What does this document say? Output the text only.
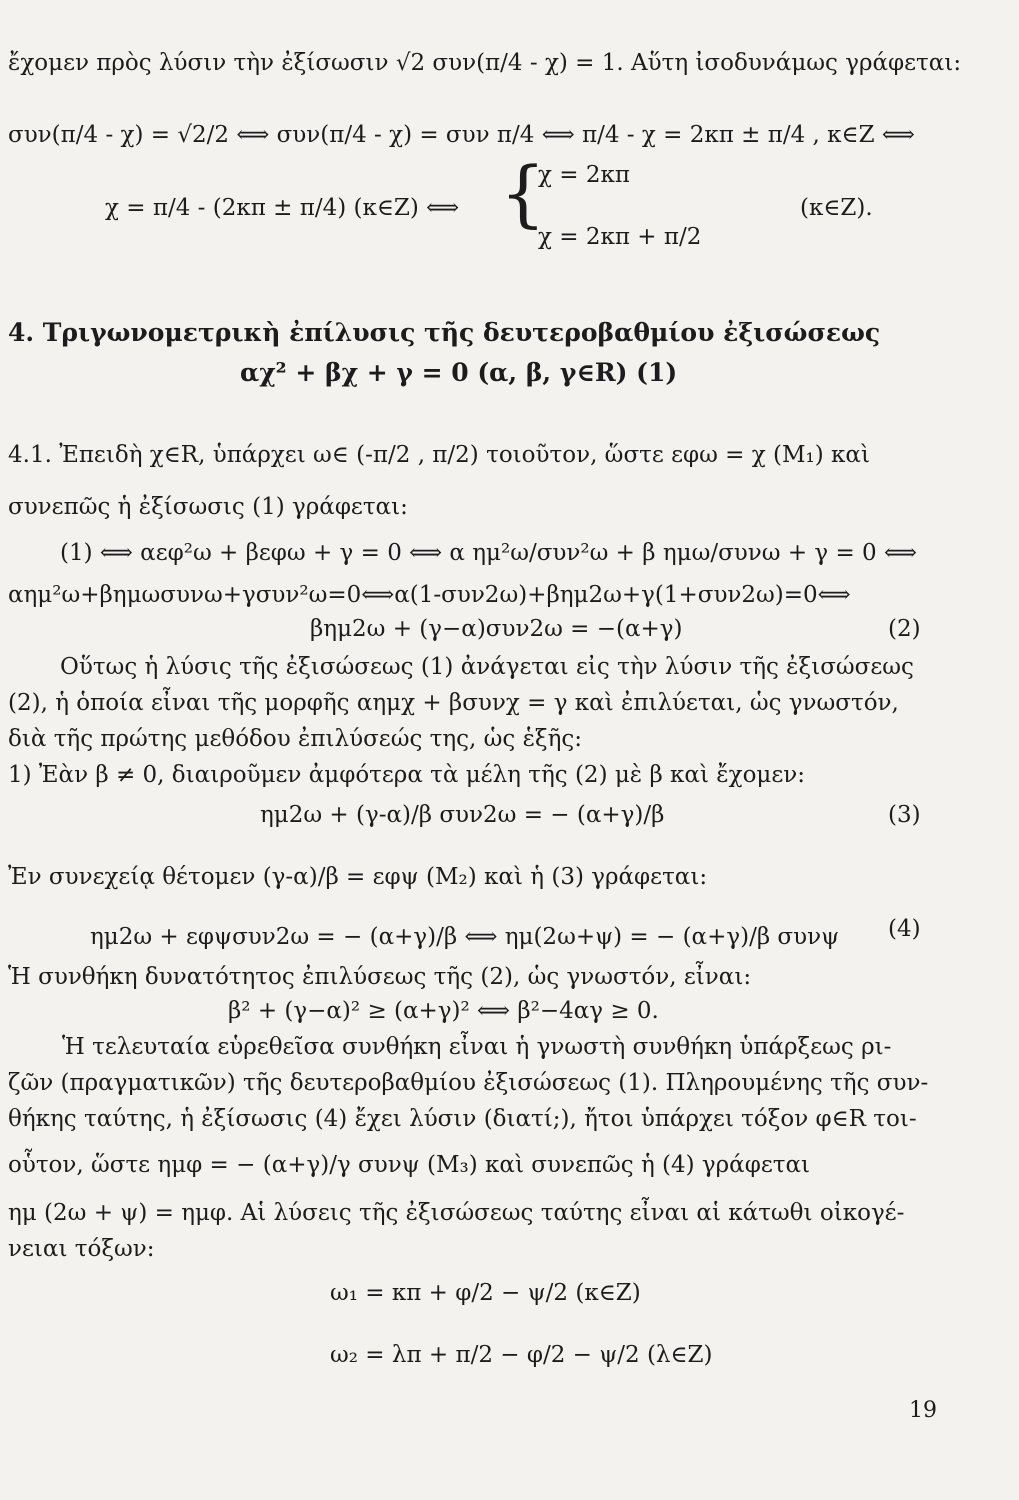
ἔχομεν πρὸς λύσιν τὴν ἐξίσωσιν √2 συν(π/4 - χ) = 1. Αὕτη ἰσοδυνάμως γράφεται:
συν(π/4 - χ) = √2/2 ⟺ συν(π/4 - χ) = συν π/4 ⟺ π/4 - χ = 2κπ ± π/4 , κ∈Z ⟺
χ = π/4 - (2κπ ± π/4) (κ∈Z) ⟺ {
χ = 2κπ
χ = 2κπ + π/2
(κ∈Z).
4. Τριγωνομετρικὴ ἐπίλυσις τῆς δευτεροβαθμίου ἐξισώσεως
αχ² + βχ + γ = 0 (α, β, γ∈R) (1)
4.1. Ἐπειδὴ χ∈R, ὑπάρχει ω∈ (-π/2 , π/2) τοιοῦτον, ὥστε εφω = χ (M₁) καὶ
συνεπῶς ἡ ἐξίσωσις (1) γράφεται:
(1) ⟺ αεφ²ω + βεφω + γ = 0 ⟺ α ημ²ω/συν²ω + β ημω/συνω + γ = 0 ⟺
αημ²ω+βημωσυνω+γσυν²ω=0⟺α(1-συν2ω)+βημ2ω+γ(1+συν2ω)=0⟺
βημ2ω + (γ−α)συν2ω = −(α+γ)	(2)
Οὕτως ἡ λύσις τῆς ἐξισώσεως (1) ἀνάγεται εἰς τὴν λύσιν τῆς ἐξισώσεως
(2), ἡ ὁποία εἶναι τῆς μορφῆς αημχ + βσυνχ = γ καὶ ἐπιλύεται, ὡς γνωστόν,
διὰ τῆς πρώτης μεθόδου ἐπιλύσεώς της, ὡς ἑξῆς:
1) Ἐὰν β ≠ 0, διαιροῦμεν ἀμφότερα τὰ μέλη τῆς (2) μὲ β καὶ ἔχομεν:
ημ2ω + (γ-α)/β συν2ω = − (α+γ)/β	(3)
Ἐν συνεχείᾳ θέτομεν (γ-α)/β = εφψ (M₂) καὶ ἡ (3) γράφεται:
ημ2ω + εφψσυν2ω = − (α+γ)/β ⟺ ημ(2ω+ψ) = − (α+γ)/β συνψ (4)
Ἡ συνθήκη δυνατότητος ἐπιλύσεως τῆς (2), ὡς γνωστόν, εἶναι:
β² + (γ−α)² ≥ (α+γ)² ⟺ β²−4αγ ≥ 0.
Ἡ τελευταία εὑρεθεῖσα συνθήκη εἶναι ἡ γνωστὴ συνθήκη ὑπάρξεως ρι-
ζῶν (πραγματικῶν) τῆς δευτεροβαθμίου ἐξισώσεως (1). Πληρουμένης τῆς συν-
θήκης ταύτης, ἡ ἐξίσωσις (4) ἔχει λύσιν (διατί;), ἤτοι ὑπάρχει τόξον φ∈R τοι-
οὗτον, ὥστε ημφ = − (α+γ)/γ συνψ (M₃) καὶ συνεπῶς ἡ (4) γράφεται
ημ (2ω + ψ) = ημφ. Αἱ λύσεις τῆς ἐξισώσεως ταύτης εἶναι αἱ κάτωθι οἰκογέ-
νειαι τόξων:
ω₁ = κπ + φ/2 − ψ/2 (κ∈Z)
ω₂ = λπ + π/2 − φ/2 − ψ/2 (λ∈Z)
19
